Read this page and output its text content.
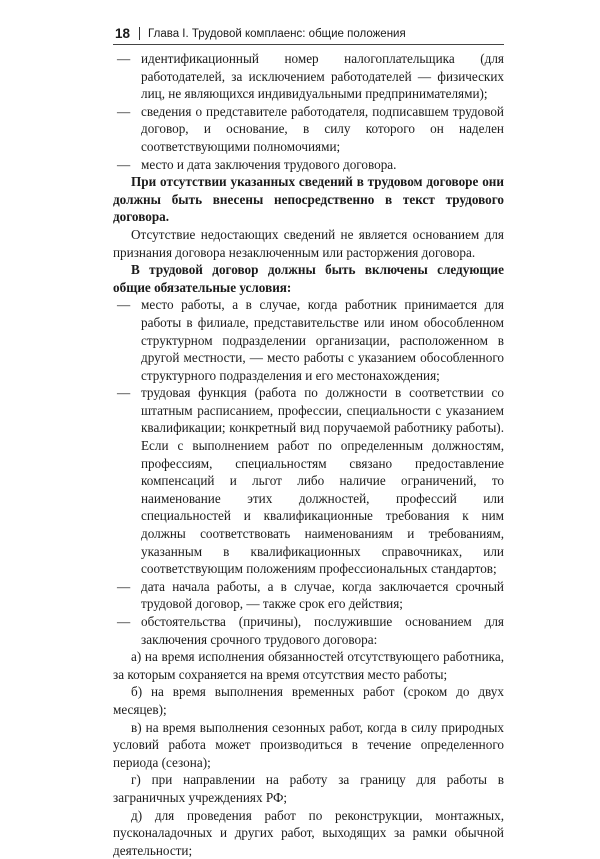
18 Глава I. Трудовой комплаенс: общие положения
— идентификационный номер налогоплательщика (для работодателей, за исключением работодателей — физических лиц, не являющихся индивидуальными предпринимателями);
— сведения о представителе работодателя, подписавшем трудовой договор, и основание, в силу которого он наделен соответствующими полномочиями;
— место и дата заключения трудового договора.

При отсутствии указанных сведений в трудовом договоре они должны быть внесены непосредственно в текст трудового договора.

Отсутствие недостающих сведений не является основанием для признания договора незаключенным или расторжения договора.

В трудовой договор должны быть включены следующие общие обязательные условия:

— место работы, а в случае, когда работник принимается для работы в филиале, представительстве или ином обособленном структурном подразделении организации, расположенном в другой местности, — место работы с указанием обособленного структурного подразделения и его местонахождения;
— трудовая функция (работа по должности в соответствии со штатным расписанием, профессии, специальности с указанием квалификации; конкретный вид поручаемой работнику работы). Если с выполнением работ по определенным должностям, профессиям, специальностям связано предоставление компенсаций и льгот либо наличие ограничений, то наименование этих должностей, профессий или специальностей и квалификационные требования к ним должны соответствовать наименованиям и требованиям, указанным в квалификационных справочниках, или соответствующим положениям профессиональных стандартов;
— дата начала работы, а в случае, когда заключается срочный трудовой договор, — также срок его действия;
— обстоятельства (причины), послужившие основанием для заключения срочного трудового договора:

а) на время исполнения обязанностей отсутствующего работника, за которым сохраняется на время отсутствия место работы;

б) на время выполнения временных работ (сроком до двух месяцев);

в) на время выполнения сезонных работ, когда в силу природных условий работа может производиться в течение определенного периода (сезона);

г) при направлении на работу за границу для работы в заграничных учреждениях РФ;

д) для проведения работ по реконструкции, монтажных, пусконаладочных и других работ, выходящих за рамки обычной деятельности;
